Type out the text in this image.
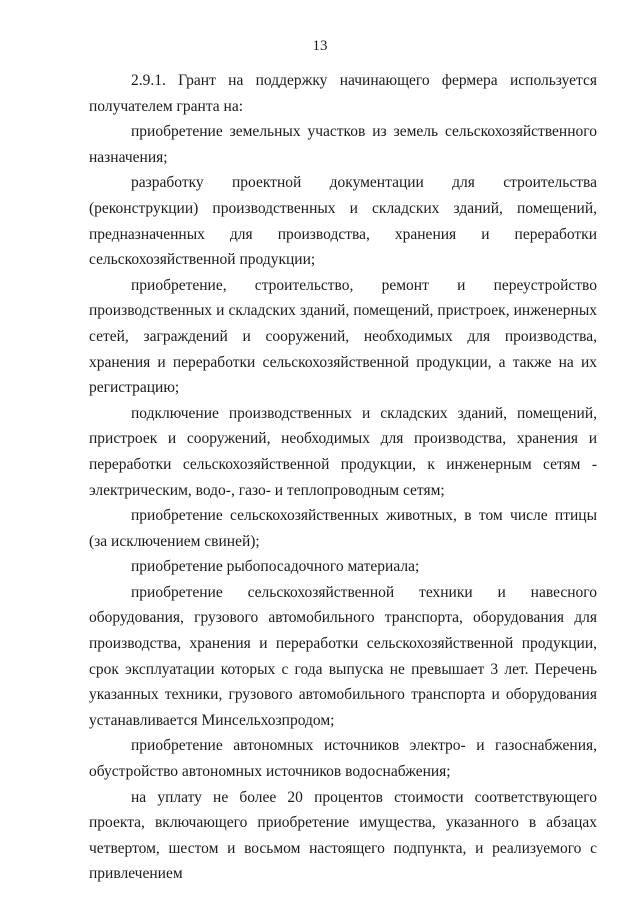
13

2.9.1. Грант на поддержку начинающего фермера используется получателем гранта на:

приобретение земельных участков из земель сельскохозяйственного назначения;

разработку проектной документации для строительства (реконструкции) производственных и складских зданий, помещений, предназначенных для производства, хранения и переработки сельскохозяйственной продукции;

приобретение, строительство, ремонт и переустройство производственных и складских зданий, помещений, пристроек, инженерных сетей, заграждений и сооружений, необходимых для производства, хранения и переработки сельскохозяйственной продукции, а также на их регистрацию;

подключение производственных и складских зданий, помещений, пристроек и сооружений, необходимых для производства, хранения и переработки сельскохозяйственной продукции, к инженерным сетям - электрическим, водо-, газо- и теплопроводным сетям;

приобретение сельскохозяйственных животных, в том числе птицы (за исключением свиней);

приобретение рыбопосадочного материала;

приобретение сельскохозяйственной техники и навесного оборудования, грузового автомобильного транспорта, оборудования для производства, хранения и переработки сельскохозяйственной продукции, срок эксплуатации которых с года выпуска не превышает 3 лет. Перечень указанных техники, грузового автомобильного транспорта и оборудования устанавливается Минсельхозпродом;

приобретение автономных источников электро- и газоснабжения, обустройство автономных источников водоснабжения;

на уплату не более 20 процентов стоимости соответствующего проекта, включающего приобретение имущества, указанного в абзацах четвертом, шестом и восьмом настоящего подпункта, и реализуемого с привлечением
